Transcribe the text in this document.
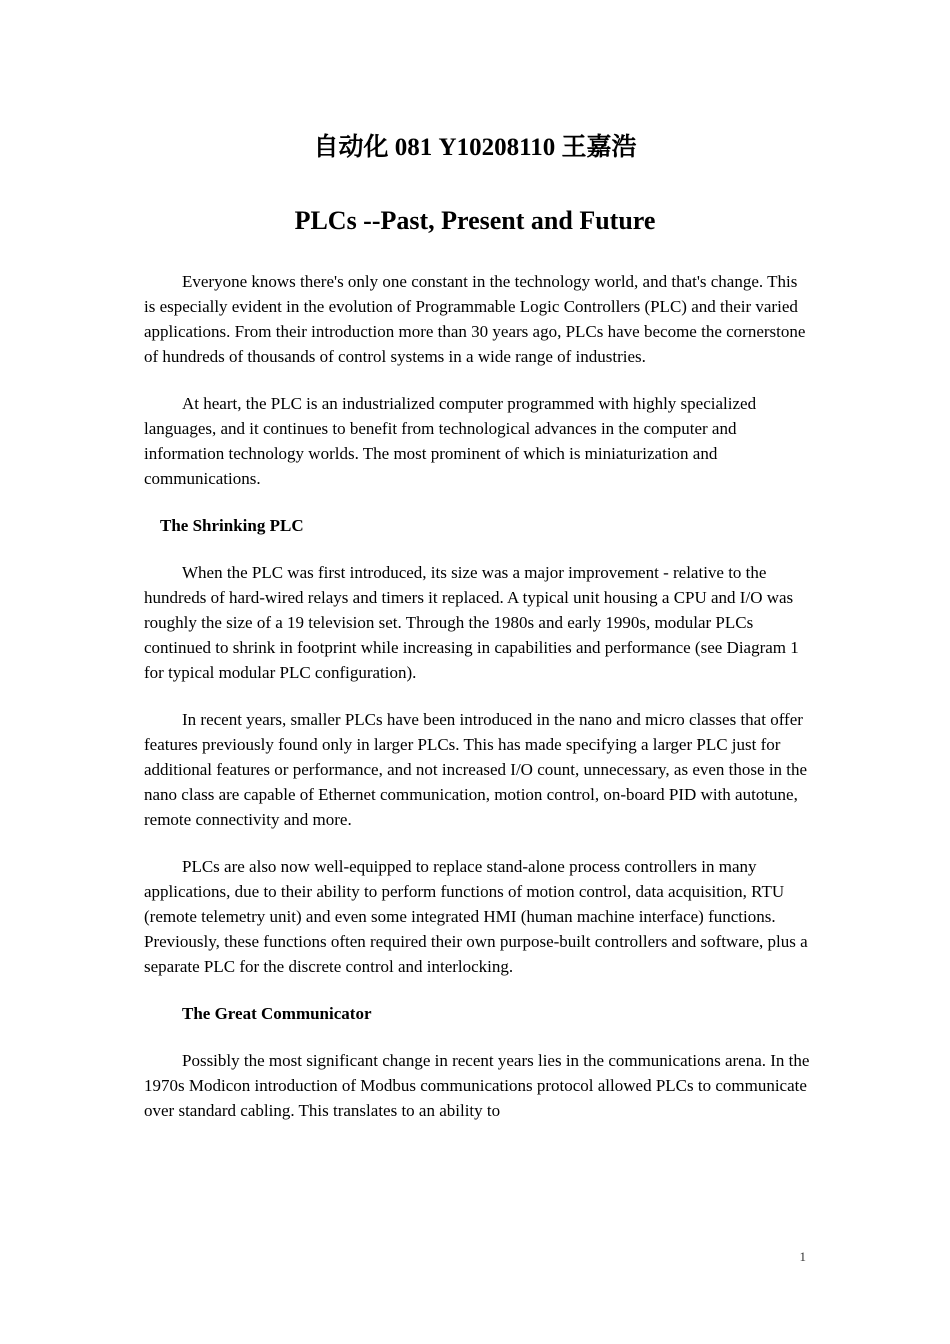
自动化 081 Y10208110 王嘉浩
PLCs --Past, Present and Future

Everyone knows there's only one constant in the technology world, and that's change. This is especially evident in the evolution of Programmable Logic Controllers (PLC) and their varied applications. From their introduction more than 30 years ago, PLCs have become the cornerstone of hundreds of thousands of control systems in a wide range of industries.

At heart, the PLC is an industrialized computer programmed with highly specialized languages, and it continues to benefit from technological advances in the computer and information technology worlds. The most prominent of which is miniaturization and communications.

The Shrinking PLC

When the PLC was first introduced, its size was a major improvement - relative to the hundreds of hard-wired relays and timers it replaced. A typical unit housing a CPU and I/O was roughly the size of a 19 television set. Through the 1980s and early 1990s, modular PLCs continued to shrink in footprint while increasing in capabilities and performance (see Diagram 1 for typical modular PLC configuration).

In recent years, smaller PLCs have been introduced in the nano and micro classes that offer features previously found only in larger PLCs. This has made specifying a larger PLC just for additional features or performance, and not increased I/O count, unnecessary, as even those in the nano class are capable of Ethernet communication, motion control, on-board PID with autotune, remote connectivity and more.

PLCs are also now well-equipped to replace stand-alone process controllers in many applications, due to their ability to perform functions of motion control, data acquisition, RTU (remote telemetry unit) and even some integrated HMI (human machine interface) functions. Previously, these functions often required their own purpose-built controllers and software, plus a separate PLC for the discrete control and interlocking.

The Great Communicator

Possibly the most significant change in recent years lies in the communications arena. In the 1970s Modicon introduction of Modbus communications protocol allowed PLCs to communicate over standard cabling. This translates to an ability to

1
